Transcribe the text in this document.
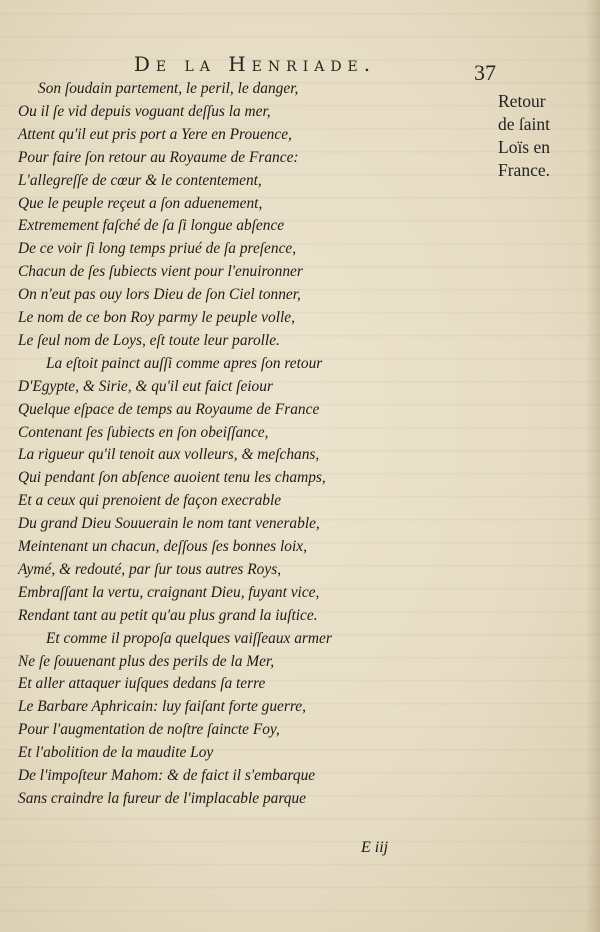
De la Henriade.	37
Retour
de ſaint
Loïs en
France.
Son ſoudain partement, le peril, le danger,
Ou il ſe vid depuis voguant deſſus la mer,
Attent qu'il eut pris port a Yere en Prouence,
Pour faire ſon retour au Royaume de France:
L'allegreſſe de cœur & le contentement,
Que le peuple reçeut a ſon aduenement,
Extremement faſché de ſa ſi longue abſence
De ce voir ſi long temps priué de ſa preſence,
Chacun de ſes ſubiects vient pour l'enuironner
On n'eut pas ouy lors Dieu de ſon Ciel tonner,
Le nom de ce bon Roy parmy le peuple volle,
Le ſeul nom de Loys, eſt toute leur parolle.
La eſtoit painct auſſi comme apres ſon retour
D'Egypte, & Sirie, & qu'il eut faict ſeiour
Quelque eſpace de temps au Royaume de France
Contenant ſes ſubiects en ſon obeiſſance,
La rigueur qu'il tenoit aux volleurs, & meſchans,
Qui pendant ſon abſence auoient tenu les champs,
Et a ceux qui prenoient de façon execrable
Du grand Dieu Souuerain le nom tant venerable,
Meintenant un chacun, deſſous ſes bonnes loix,
Aymé, & redouté, par ſur tous autres Roys,
Embraſſant la vertu, craignant Dieu, fuyant vice,
Rendant tant au petit qu'au plus grand la iuſtice.
Et comme il propoſa quelques vaiſſeaux armer
Ne ſe ſouuenant plus des perils de la Mer,
Et aller attaquer iuſques dedans ſa terre
Le Barbare Aphricain: luy faiſant forte guerre,
Pour l'augmentation de noſtre ſaincte Foy,
Et l'abolition de la maudite Loy
De l'impoſteur Mahom: & de faict il s'embarque
Sans craindre la fureur de l'implacable parque
E iij
